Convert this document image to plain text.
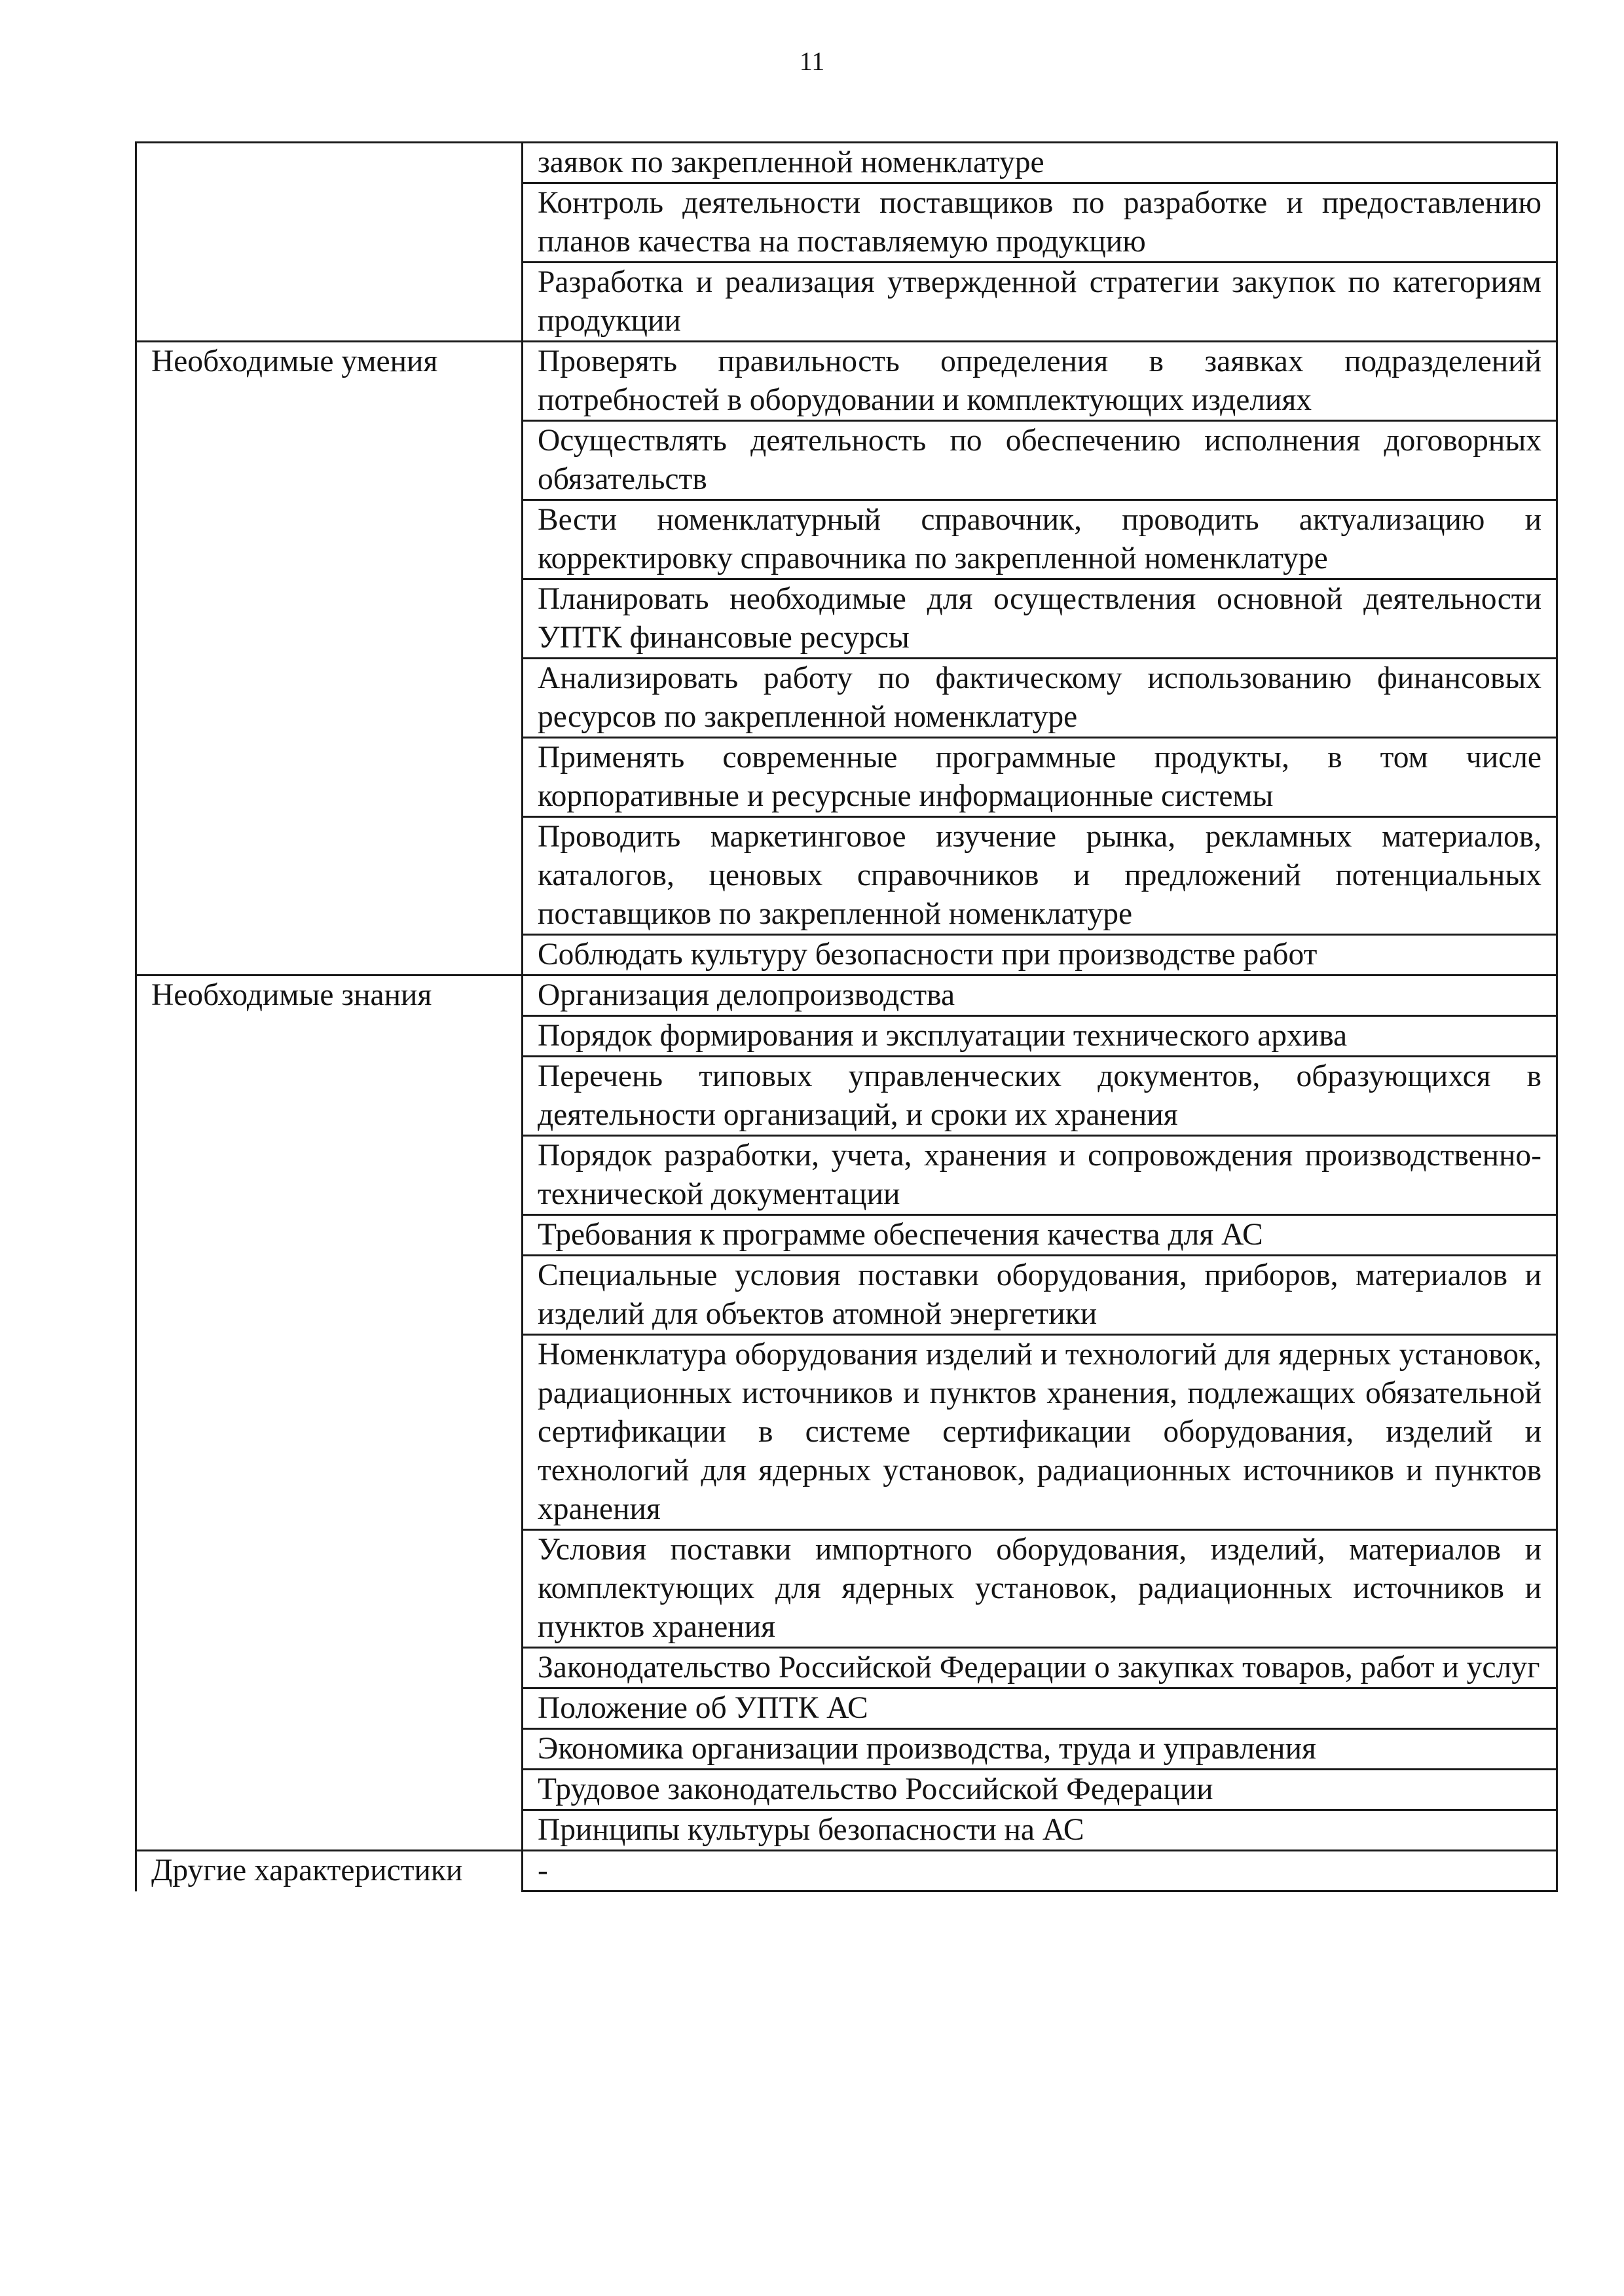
11
	заявок по закрепленной номенклатуре
	Контроль деятельности поставщиков по разработке и предоставлению планов качества на поставляемую продукцию
	Разработка и реализация утвержденной стратегии закупок по категориям продукции
Необходимые умения	Проверять правильность определения в заявках подразделений потребностей в оборудовании и комплектующих изделиях
	Осуществлять деятельность по обеспечению исполнения договорных обязательств
	Вести номенклатурный справочник, проводить актуализацию и корректировку справочника по закрепленной номенклатуре
	Планировать необходимые для осуществления основной деятельности УПТК финансовые ресурсы
	Анализировать работу по фактическому использованию финансовых ресурсов по закрепленной номенклатуре
	Применять современные программные продукты, в том числе корпоративные и ресурсные информационные системы
	Проводить маркетинговое изучение рынка, рекламных материалов, каталогов, ценовых справочников и предложений потенциальных поставщиков по закрепленной номенклатуре
	Соблюдать культуру безопасности при производстве работ
Необходимые знания	Организация делопроизводства
	Порядок формирования и эксплуатации технического архива
	Перечень типовых управленческих документов, образующихся в деятельности организаций, и сроки их хранения
	Порядок разработки, учета, хранения и сопровождения производственно-технической документации
	Требования к программе обеспечения качества для АС
	Специальные условия поставки оборудования, приборов, материалов и изделий для объектов атомной энергетики
	Номенклатура оборудования изделий и технологий для ядерных установок, радиационных источников и пунктов хранения, подлежащих обязательной сертификации в системе сертификации оборудования, изделий и технологий для ядерных установок, радиационных источников и пунктов хранения
	Условия поставки импортного оборудования, изделий, материалов и комплектующих для ядерных установок, радиационных источников и пунктов хранения
	Законодательство Российской Федерации о закупках товаров, работ и услуг
	Положение об УПТК АС
	Экономика организации производства, труда и управления
	Трудовое законодательство Российской Федерации
	Принципы культуры безопасности на АС
Другие характеристики	-
